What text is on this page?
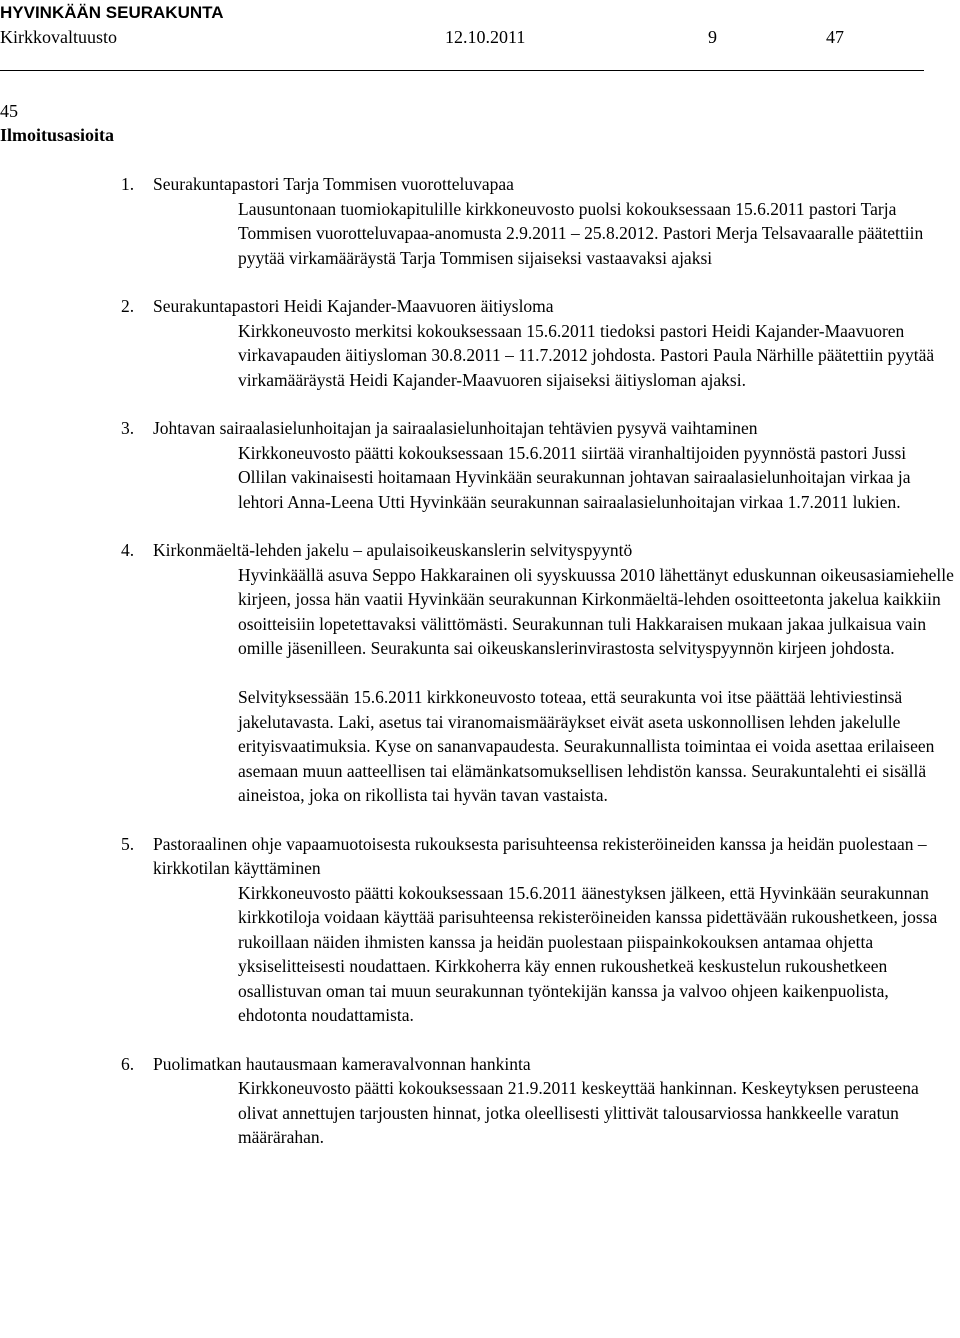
HYVINKÄÄN SEURAKUNTA
Kirkkovaltuusto	12.10.2011	9	47
45
Ilmoitusasioita
1. Seurakuntapastori Tarja Tommisen vuorotteluvapaa

Lausuntonaan tuomiokapitulille kirkkoneuvosto puolsi kokouksessaan 15.6.2011 pastori Tarja Tommisen vuorotteluvapaa-anomusta 2.9.2011 – 25.8.2012. Pastori Merja Telsavaaralle päätettiin pyytää virkamääräystä Tarja Tommisen sijaiseksi vastaavaksi ajaksi

2. Seurakuntapastori Heidi Kajander-Maavuoren äitiysloma

Kirkkoneuvosto merkitsi kokouksessaan 15.6.2011 tiedoksi pastori Heidi Kajander-Maavuoren virkavapauden äitiysloman 30.8.2011 – 11.7.2012 johdosta. Pastori Paula Närhille päätettiin pyytää virkamääräystä Heidi Kajander-Maavuoren sijaiseksi äitiysloman ajaksi.

3. Johtavan sairaalasielunhoitajan ja sairaalasielunhoitajan tehtävien pysyvä vaihtaminen

Kirkkoneuvosto päätti kokouksessaan 15.6.2011 siirtää viranhaltijoiden pyynnöstä pastori Jussi Ollilan vakinaisesti hoitamaan Hyvinkään seurakunnan johtavan sairaalasielunhoitajan virkaa ja lehtori Anna-Leena Utti Hyvinkään seurakunnan sairaalasielunhoitajan virkaa 1.7.2011 lukien.

4. Kirkonmäeltä-lehden jakelu – apulaisoikeuskanslerin selvityspyyntö

Hyvinkäällä asuva Seppo Hakkarainen oli syyskuussa 2010 lähettänyt eduskunnan oikeusasiamiehelle kirjeen, jossa hän vaatii Hyvinkään seurakunnan Kirkonmäeltä-lehden osoitteetonta jakelua kaikkiin osoitteisiin lopetettavaksi välittömästi. Seurakunnan tuli Hakkaraisen mukaan jakaa julkaisua vain omille jäsenilleen. Seurakunta sai oikeuskanslerinvirastosta selvityspyynnön kirjeen johdosta.

Selvityksessään 15.6.2011 kirkkoneuvosto toteaa, että seurakunta voi itse päättää lehtiviestinsä jakelutavasta. Laki, asetus tai viranomaismääräykset eivät aseta uskonnollisen lehden jakelulle erityisvaatimuksia. Kyse on sananvapaudesta. Seurakunnallista toimintaa ei voida asettaa erilaiseen asemaan muun aatteellisen tai elämänkatsomuksellisen lehdistön kanssa. Seurakuntalehti ei sisällä aineistoa, joka on rikollista tai hyvän tavan vastaista.

5. Pastoraalinen ohje vapaamuotoisesta rukouksesta parisuhteensa rekisteröineiden kanssa ja heidän puolestaan – kirkkotilan käyttäminen

Kirkkoneuvosto päätti kokouksessaan 15.6.2011 äänestyksen jälkeen, että Hyvinkään seurakunnan kirkkotiloja voidaan käyttää parisuhteensa rekisteröineiden kanssa pidettävään rukoushetkeen, jossa rukoillaan näiden ihmisten kanssa ja heidän puolestaan piispainkokouksen antamaa ohjetta yksiselitteisesti noudattaen. Kirkkoherra käy ennen rukoushetkeä keskustelun rukoushetkeen osallistuvan oman tai muun seurakunnan työntekijän kanssa ja valvoo ohjeen kaikenpuolista, ehdotonta noudattamista.

6. Puolimatkan hautausmaan kameravalvonnan hankinta

Kirkkoneuvosto päätti kokouksessaan 21.9.2011 keskeyttää hankinnan. Keskeytyksen perusteena olivat annettujen tarjousten hinnat, jotka oleellisesti ylittivät talousarviossa hankkeelle varatun määrärahan.
